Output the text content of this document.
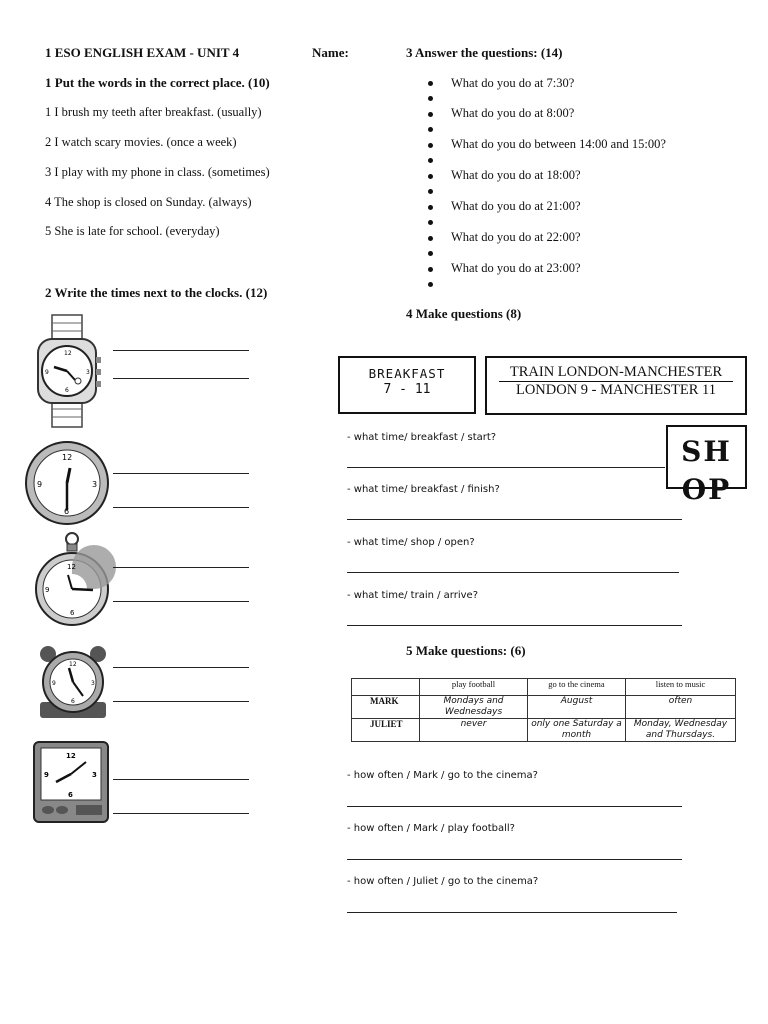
1 ESO ENGLISH EXAM - UNIT 4	Name:
1 Put the words in the correct place. (10)
1 I brush my teeth after breakfast. (usually)
2 I watch scary movies. (once a week)
3 I play with my phone in class. (sometimes)
4 The shop is closed on Sunday. (always)
5 She is late for school. (everyday)
2 Write the times next to the clocks. (12)
12
3
6
9
12
3
6
9
12
6
9
12
3
6
9
12
3
6
9
3 Answer the questions: (14)
What do you do at 7:30?
What do you do at 8:00?
What do you do between 14:00 and 15:00?
What do you do at 18:00?
What do you do at 21:00?
What do you do at 22:00?
What do you do at 23:00?
4 Make questions (8)
BREAKFAST
7 - 11
TRAIN LONDON-MANCHESTER
LONDON 9 - MANCHESTER 11
SH
OP
- what time/ breakfast / start?
- what time/ breakfast / finish?
- what time/ shop / open?
- what time/ train / arrive?
5 Make questions: (6)
	play football	go to the cinema	listen to music
MARK	Mondays and Wednesdays	August	often
JULIET	never	only one Saturday a month	Monday, Wednesday and Thursdays.
- how often / Mark / go to the cinema?
- how often / Mark / play football?
- how often / Juliet / go to the cinema?
